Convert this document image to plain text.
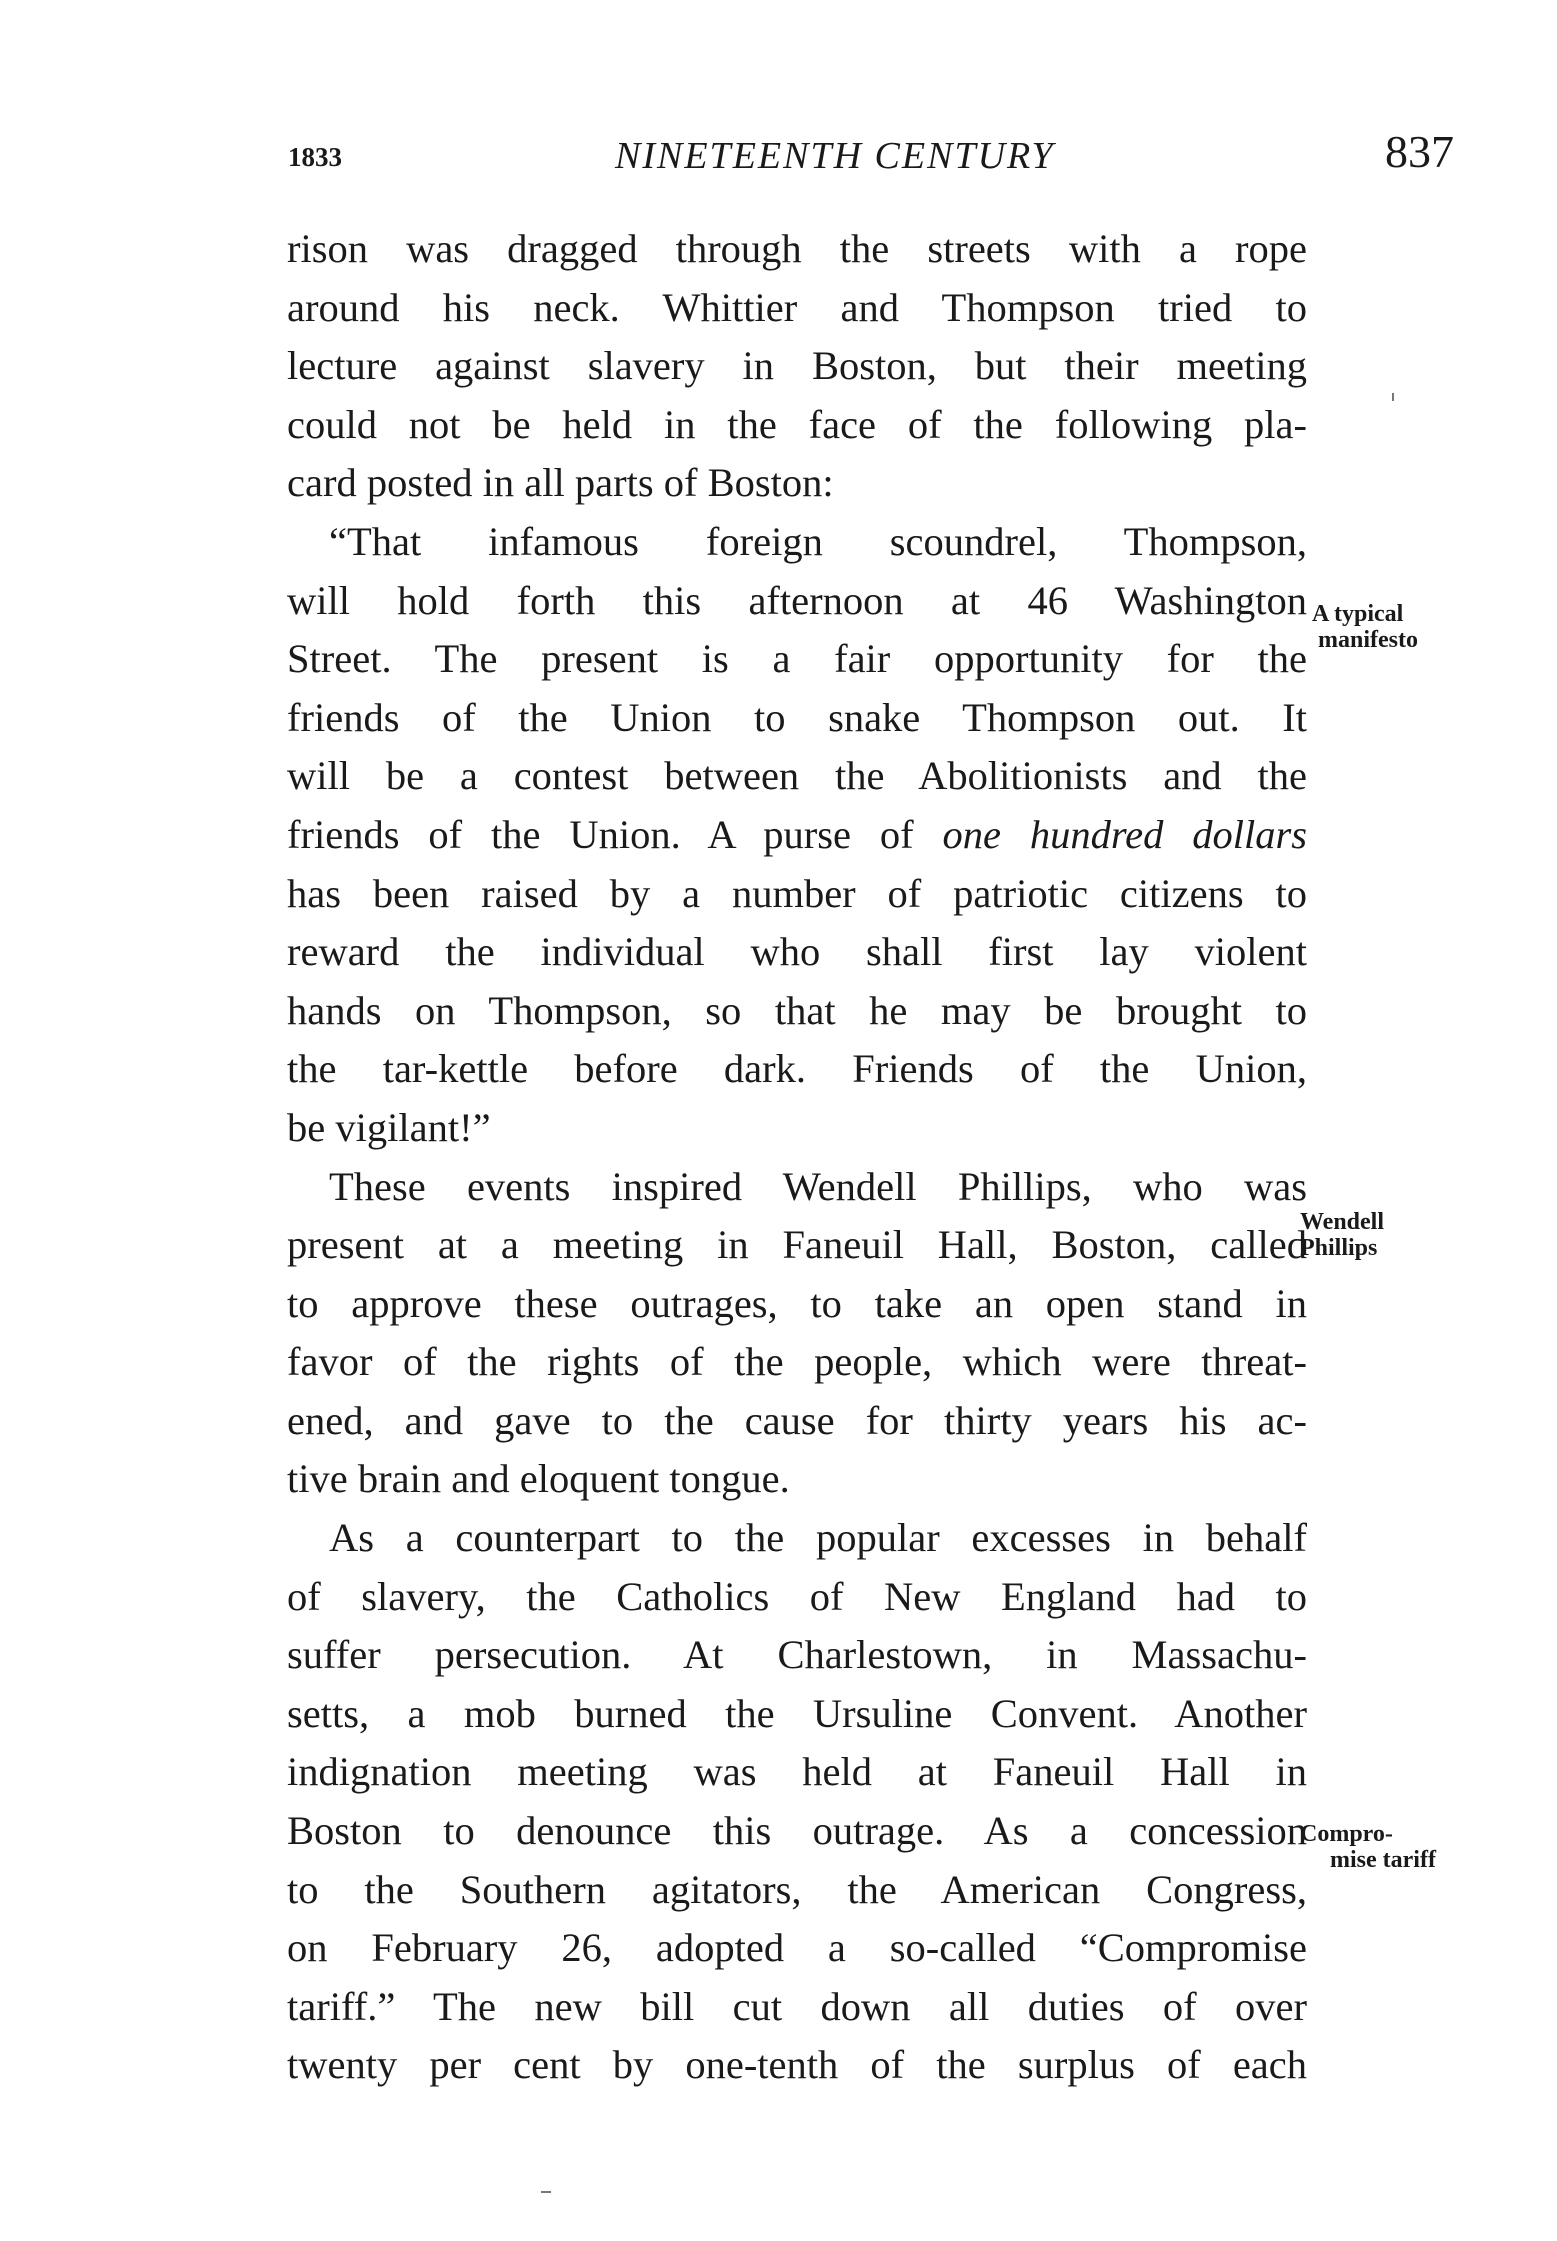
1833	NINETEENTH CENTURY	837
rison was dragged through the streets with a rope
around his neck. Whittier and Thompson tried to
lecture against slavery in Boston, but their meeting
could not be held in the face of the following pla-
card posted in all parts of Boston:
“That infamous foreign scoundrel, Thompson,
will hold forth this afternoon at 46 Washington
Street. The present is a fair opportunity for the
friends of the Union to snake Thompson out. It
will be a contest between the Abolitionists and the
friends of the Union. A purse of one hundred dollars
has been raised by a number of patriotic citizens to
reward the individual who shall first lay violent
hands on Thompson, so that he may be brought to
the tar-kettle before dark. Friends of the Union,
be vigilant!”
These events inspired Wendell Phillips, who was
present at a meeting in Faneuil Hall, Boston, called
to approve these outrages, to take an open stand in
favor of the rights of the people, which were threat-
ened, and gave to the cause for thirty years his ac-
tive brain and eloquent tongue.
As a counterpart to the popular excesses in behalf
of slavery, the Catholics of New England had to
suffer persecution. At Charlestown, in Massachu-
setts, a mob burned the Ursuline Convent. Another
indignation meeting was held at Faneuil Hall in
Boston to denounce this outrage. As a concession
to the Southern agitators, the American Congress,
on February 26, adopted a so-called “Compromise
tariff.” The new bill cut down all duties of over
twenty per cent by one-tenth of the surplus of each
A typical
manifesto
Wendell
Phillips
Compro-
mise tariff
